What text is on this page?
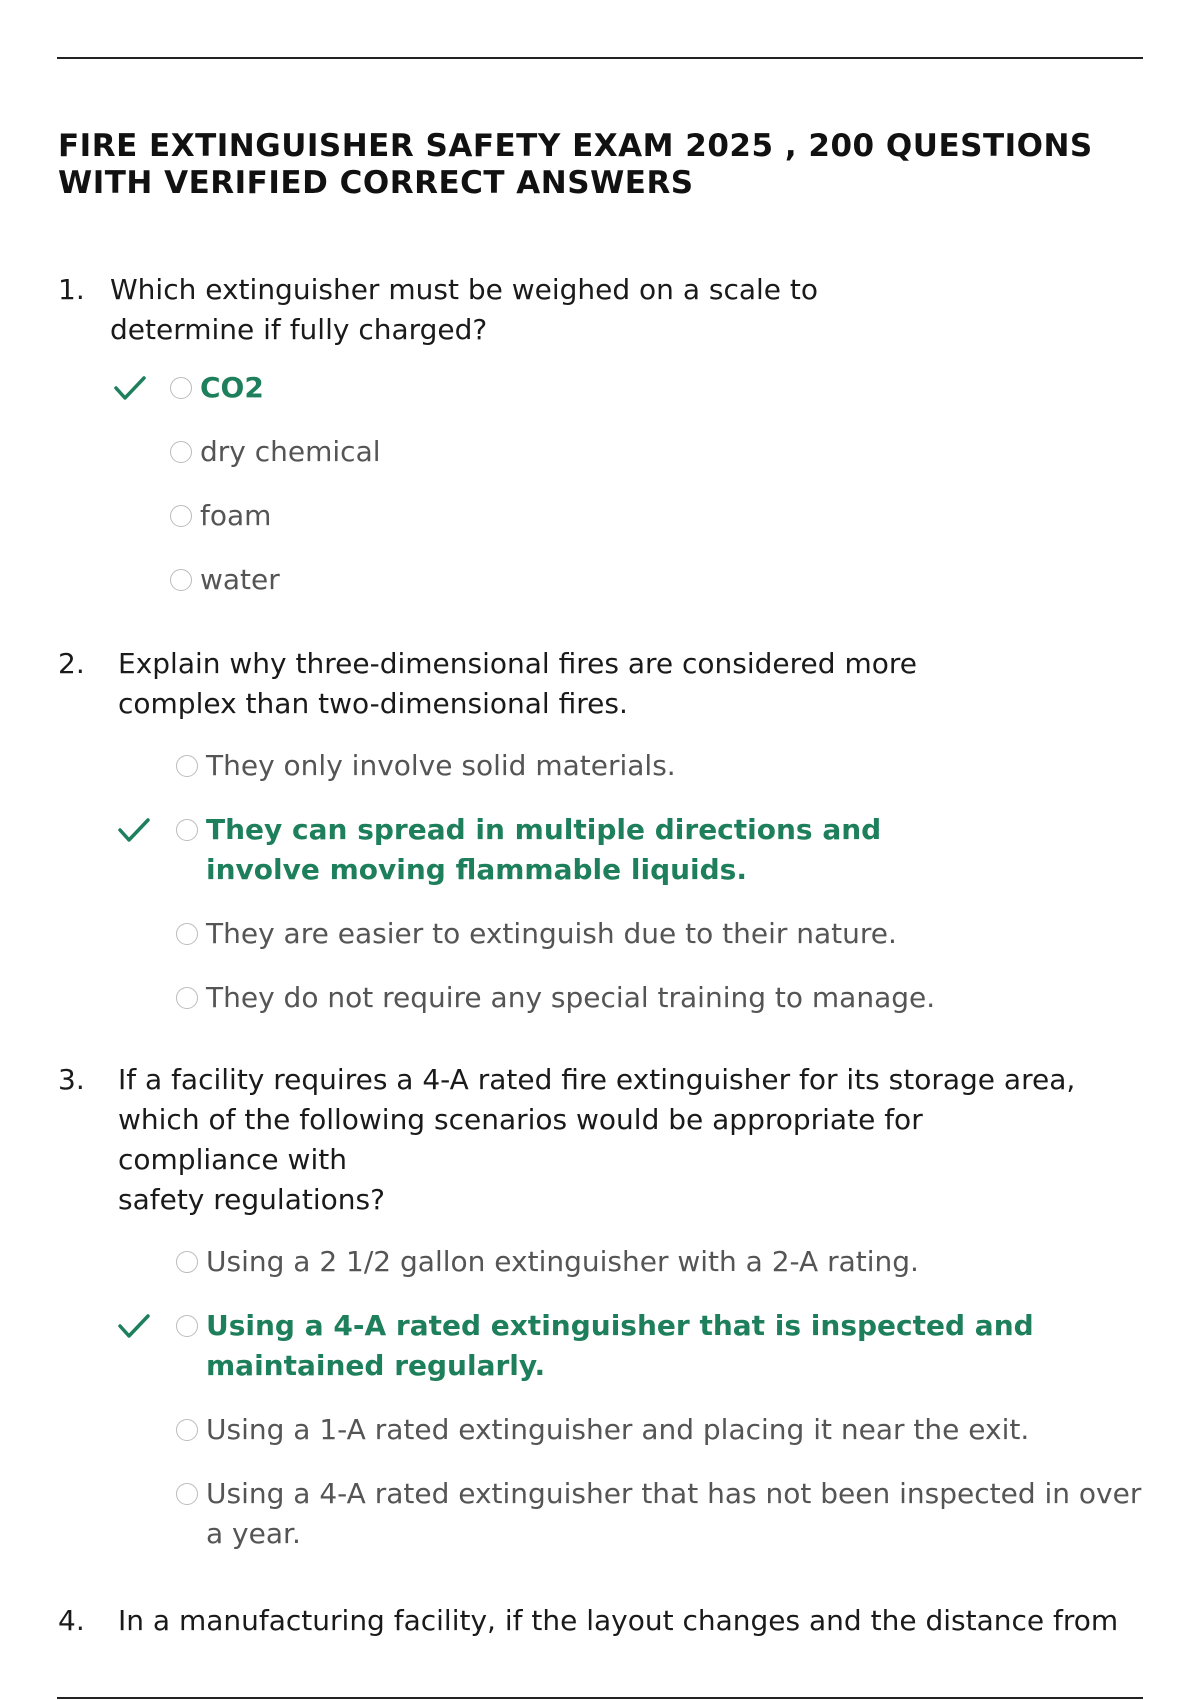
FIRE EXTINGUISHER SAFETY EXAM 2025 , 200 QUESTIONS WITH VERIFIED CORRECT ANSWERS
1. Which extinguisher must be weighed on a scale to determine if fully charged?
CO2
dry chemical
foam
water
2.	Explain why three-dimensional fires are considered more complex than two-dimensional fires.
They only involve solid materials.
They can spread in multiple directions and involve moving flammable liquids.
They are easier to extinguish due to their nature.
They do not require any special training to manage.
3.	If a facility requires a 4-A rated fire extinguisher for its storage area, which of the following scenarios would be appropriate for compliance with
safety regulations?
Using a 2 1/2 gallon extinguisher with a 2-A rating.
Using a 4-A rated extinguisher that is inspected and maintained regularly.
Using a 1-A rated extinguisher and placing it near the exit.
Using a 4-A rated extinguisher that has not been inspected in over a year.
4.	In a manufacturing facility, if the layout changes and the distance from
